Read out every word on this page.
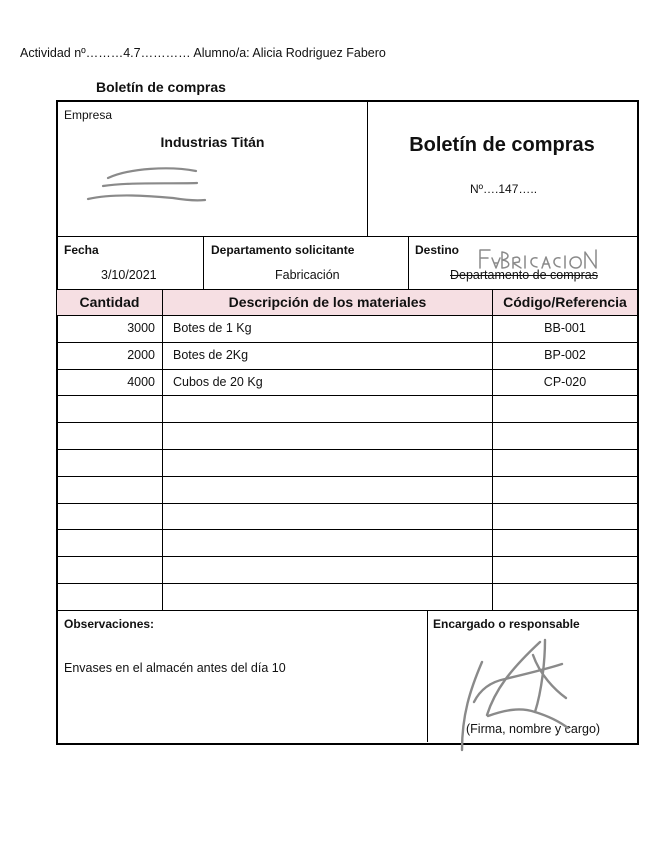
Actividad nº………4.7………… Alumno/a: Alicia Rodriguez Fabero
Boletín de compras
Empresa
Industrias Titán	Boletín de compras
Nº….147…..
Fecha
3/10/2021
Departamento solicitante
Fabricación
Destino
Departamento de compras
Cantidad	Descripción de los materiales	Código/Referencia
3000	Botes de 1 Kg	BB-001
2000	Botes de 2Kg	BP-002
4000	Cubos de 20 Kg	CP-020
Observaciones:
Envases en el almacén antes del día 10
Encargado o responsable
(Firma, nombre y cargo)
